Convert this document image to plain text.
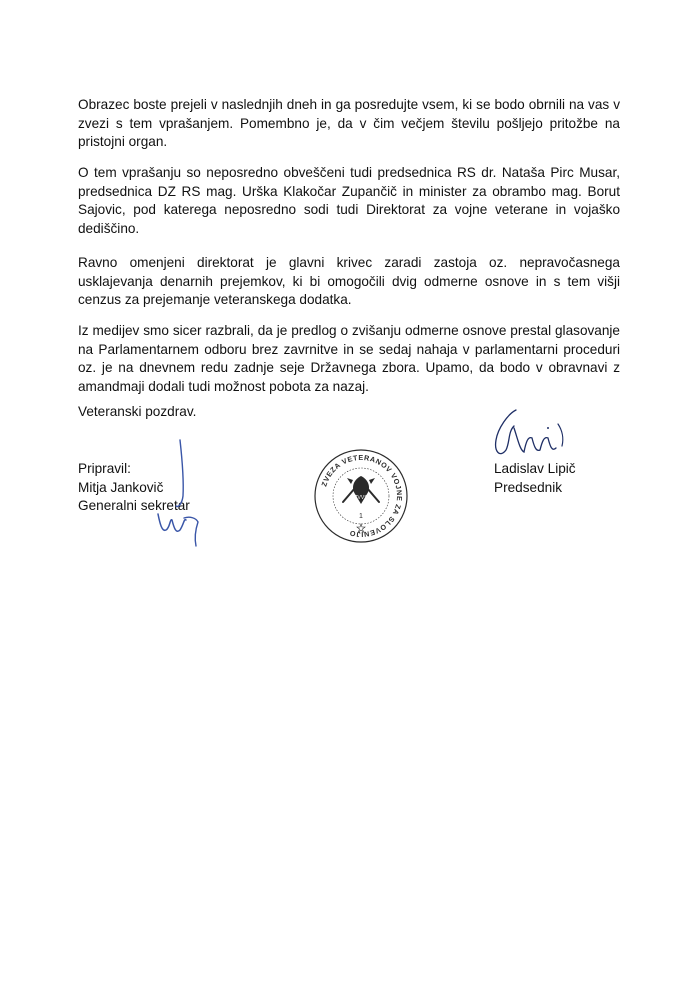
Obrazec boste prejeli v naslednjih dneh in ga posredujte vsem, ki se bodo obrnili na vas v zvezi s tem vprašanjem. Pomembno je, da v čim večjem številu pošljejo pritožbe na pristojni organ.

O tem vprašanju so neposredno obveščeni tudi predsednica RS dr. Nataša Pirc Musar, predsednica DZ RS mag. Urška Klakočar Zupančič in minister za obrambo mag. Borut Sajovic, pod katerega neposredno sodi tudi Direktorat za vojne veterane in vojaško dediščino.

Ravno omenjeni direktorat je glavni krivec zaradi zastoja oz. nepravočasnega usklajevanja denarnih prejemkov, ki bi omogočili dvig odmerne osnove in s tem višji cenzus za prejemanje veteranskega dodatka.

Iz medijev smo sicer razbrali, da je predlog o zvišanju odmerne osnove prestal glasovanje na Parlamentarnem odboru brez zavrnitve in se sedaj nahaja v parlamentarni proceduri oz. je na dnevnem redu zadnje seje Državnega zbora. Upamo, da bodo v obravnavi z amandmaji dodali tudi možnost pobota za nazaj.

Veteranski pozdrav.
Pripravil:
Mitja Jankovič
Generalni sekretar
Ladislav Lipič
Predsednik
ZVEZA VETERANOV VOJNE ZA SLOVENIJO
ZVVS
1
